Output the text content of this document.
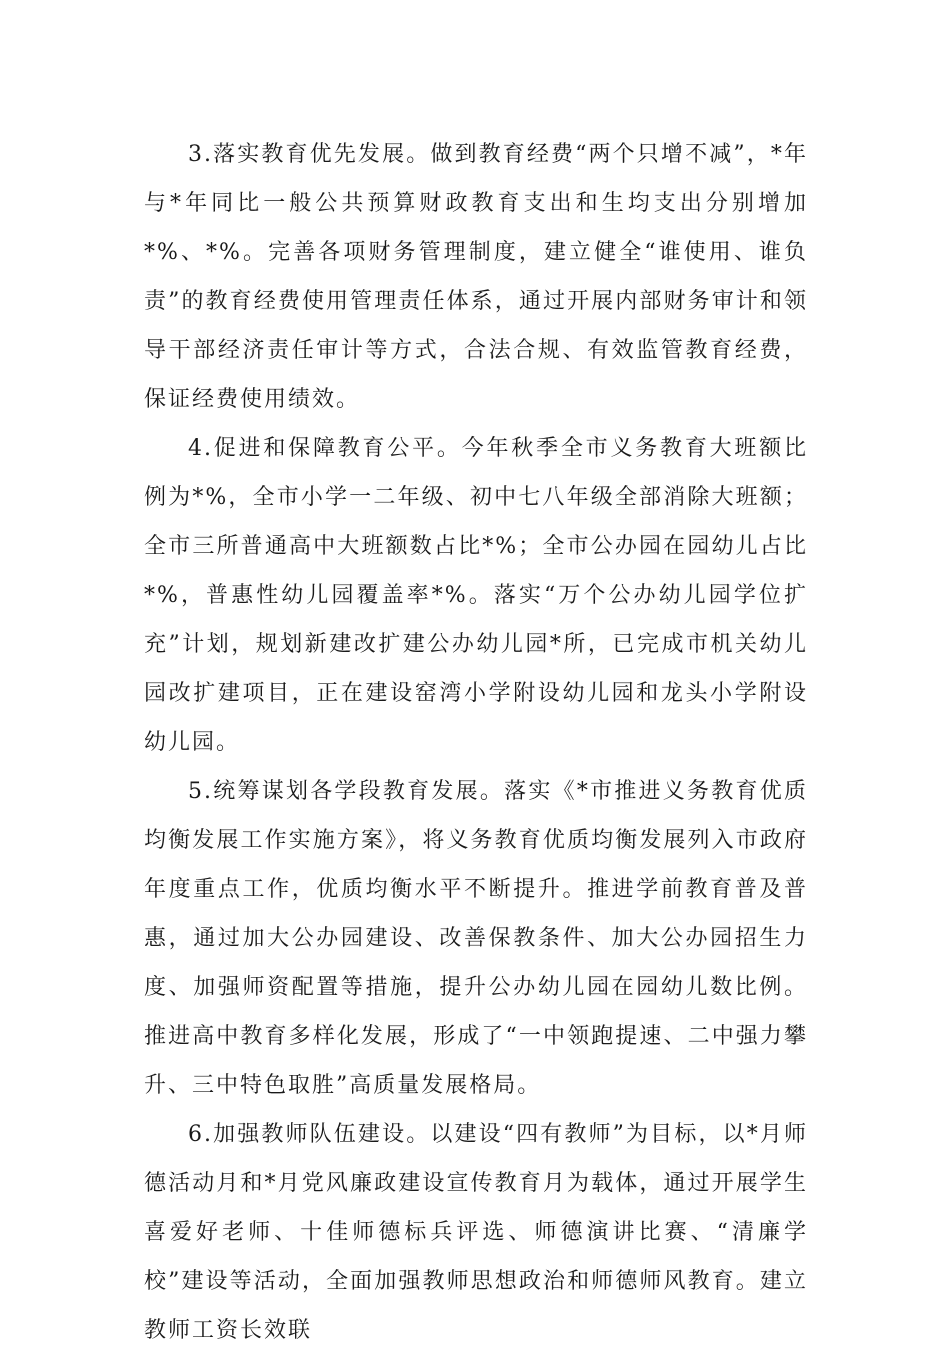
3.落实教育优先发展。做到教育经费“两个只增不减”，*年与*年同比一般公共预算财政教育支出和生均支出分别增加*%、*%。完善各项财务管理制度，建立健全“谁使用、谁负责”的教育经费使用管理责任体系，通过开展内部财务审计和领导干部经济责任审计等方式，合法合规、有效监管教育经费，保证经费使用绩效。

4.促进和保障教育公平。今年秋季全市义务教育大班额比例为*%，全市小学一二年级、初中七八年级全部消除大班额；全市三所普通高中大班额数占比*%；全市公办园在园幼儿占比*%，普惠性幼儿园覆盖率*%。落实“万个公办幼儿园学位扩充”计划，规划新建改扩建公办幼儿园*所，已完成市机关幼儿园改扩建项目，正在建设窑湾小学附设幼儿园和龙头小学附设幼儿园。

5.统筹谋划各学段教育发展。落实《*市推进义务教育优质均衡发展工作实施方案》，将义务教育优质均衡发展列入市政府年度重点工作，优质均衡水平不断提升。推进学前教育普及普惠，通过加大公办园建设、改善保教条件、加大公办园招生力度、加强师资配置等措施，提升公办幼儿园在园幼儿数比例。推进高中教育多样化发展，形成了“一中领跑提速、二中强力攀升、三中特色取胜”高质量发展格局。

6.加强教师队伍建设。以建设“四有教师”为目标，以*月师德活动月和*月党风廉政建设宣传教育月为载体，通过开展学生喜爱好老师、十佳师德标兵评选、师德演讲比赛、“清廉学校”建设等活动，全面加强教师思想政治和师德师风教育。建立教师工资长效联
